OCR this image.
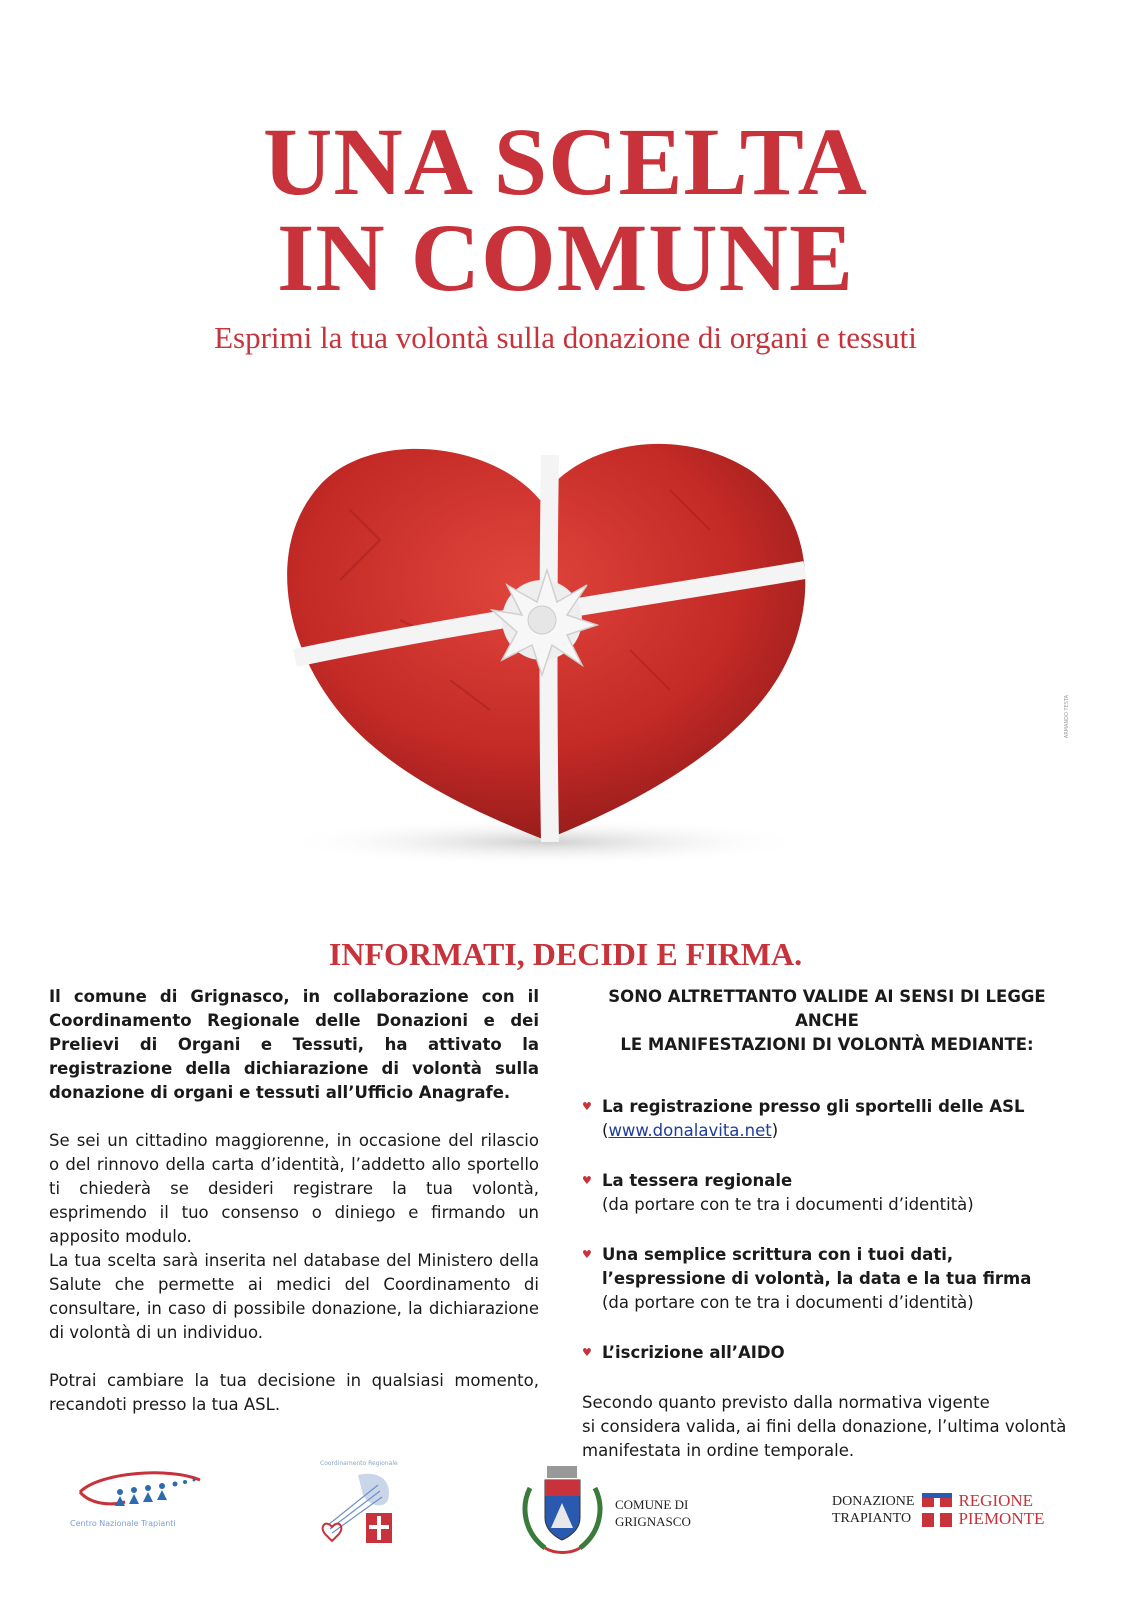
UNA SCELTA
IN COMUNE
Esprimi la tua volontà sulla donazione di organi e tessuti
ARMANDO TESTA
INFORMATI, DECIDI E FIRMA.

Il comune di Grignasco, in collaborazione con il Coordinamento Regionale delle Donazioni e dei Prelievi di Organi e Tessuti, ha attivato la registrazione della dichiarazione di volontà sulla donazione di organi e tessuti all’Ufficio Anagrafe.

Se sei un cittadino maggiorenne, in occasione del rilascio o del rinnovo della carta d’identità, l’addetto allo sportello ti chiederà se desideri registrare la tua volontà, esprimendo il tuo consenso o diniego e firmando un apposito modulo.

La tua scelta sarà inserita nel database del Ministero della Salute che permette ai medici del Coordinamento di consultare, in caso di possibile donazione, la dichiarazione di volontà di un individuo.

Potrai cambiare la tua decisione in qualsiasi momento, recandoti presso la tua ASL.

SONO ALTRETTANTO VALIDE AI SENSI DI LEGGE ANCHE
LE MANIFESTAZIONI DI VOLONTÀ MEDIANTE:
♥ La registrazione presso gli sportelli delle ASL
(www.donalavita.net)
♥ La tessera regionale
(da portare con te tra i documenti d’identità)
♥ Una semplice scrittura con i tuoi dati,
l’espressione di volontà, la data e la tua firma
(da portare con te tra i documenti d’identità)
♥ L’iscrizione all’AIDO
Secondo quanto previsto dalla normativa vigente
si considera valida, ai fini della donazione, l’ultima volontà
manifestata in ordine temporale.
Centro Nazionale Trapianti
Coordinamento Regionale
COMUNE DI
GRIGNASCO
DONAZIONE
TRAPIANTO
REGIONE
PIEMONTE
